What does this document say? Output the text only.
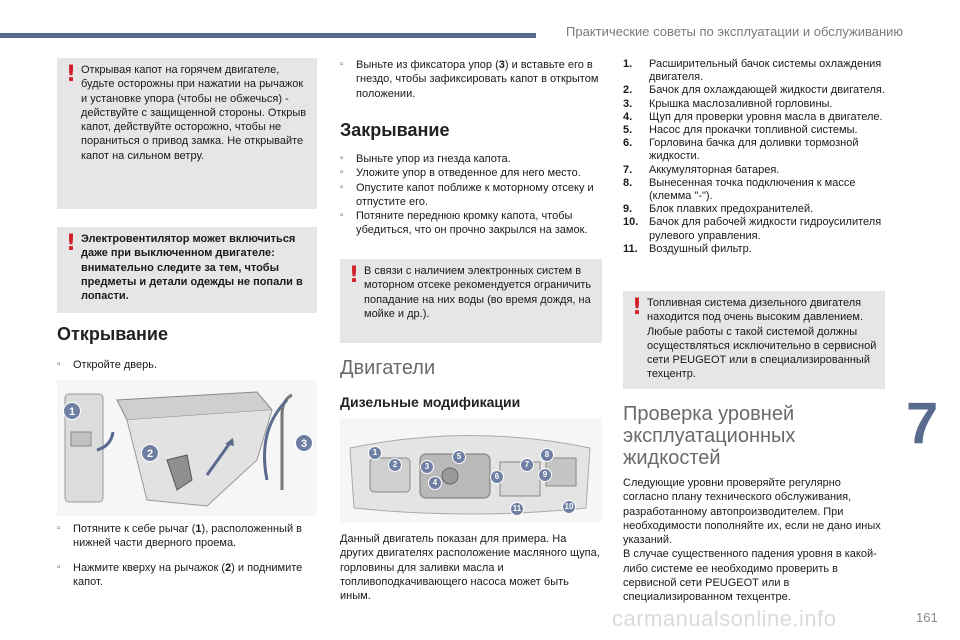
Практические советы по эксплуатации и обслуживанию
! Открывая капот на горячем двигателе, будьте осторожны при нажатии на рычажок и установке упора (чтобы не обжечься) - действуйте с защищенной стороны. Открыв капот, действуйте осторожно, чтобы не пораниться о привод замка. Не открывайте капот на сильном ветру.

! Электровентилятор может включиться даже при выключенном двигателе: внимательно следите за тем, чтобы предметы и детали одежды не попали в лопасти.

Открывание
▫ Откройте дверь.
1
2
3
▫ Потяните к себе рычаг (1), расположенный в нижней части дверного проема.
▫ Нажмите кверху на рычажок (2) и поднимите капот.
▫ Выньте из фиксатора упор (3) и вставьте его в гнездо, чтобы зафиксировать капот в открытом положении.
Закрывание
▫ Выньте упор из гнезда капота.
▫ Уложите упор в отведенное для него место.
▫ Опустите капот поближе к моторному отсеку и отпустите его.
▫ Потяните переднюю кромку капота, чтобы убедиться, что он прочно закрылся на замок.
! В связи с наличием электронных систем в моторном отсеке рекомендуется ограничить попадание на них воды (во время дождя, на мойке и др.).

Двигатели
Дизельные модификации
1
2	3
4
5
6
7
8
9
10
11
Данный двигатель показан для примера. На других двигателях расположение масляного щупа, горловины для заливки масла и топливоподкачивающего насоса может быть иным.
1. Расширительный бачок системы охлаждения двигателя.
2. Бачок для охлаждающей жидкости двигателя.
3. Крышка маслозаливной горловины.
4. Щуп для проверки уровня масла в двигателе.
5. Насос для прокачки топливной системы.
6. Горловина бачка для доливки тормозной жидкости.
7. Аккумуляторная батарея.
8. Вынесенная точка подключения к массе (клемма "-").
9. Блок плавких предохранителей.
10. Бачок для рабочей жидкости гидроусилителя рулевого управления.
11. Воздушный фильтр.
! Топливная система дизельного двигателя находится под очень высоким давлением. Любые работы с такой системой должны осуществляться исключительно в сервисной сети PEUGEOT или в специализированный техцентр.

Проверка уровней эксплуатационных жидкостей
Следующие уровни проверяйте регулярно согласно плану технического обслуживания, разработанному автопроизводителем. При необходимости пополняйте их, если не дано иных указаний.
В случае существенного падения уровня в какой-либо системе ее необходимо проверить в сервисной сети PEUGEOT или в специализированном техцентре.
7
carmanualsonline.info	161
